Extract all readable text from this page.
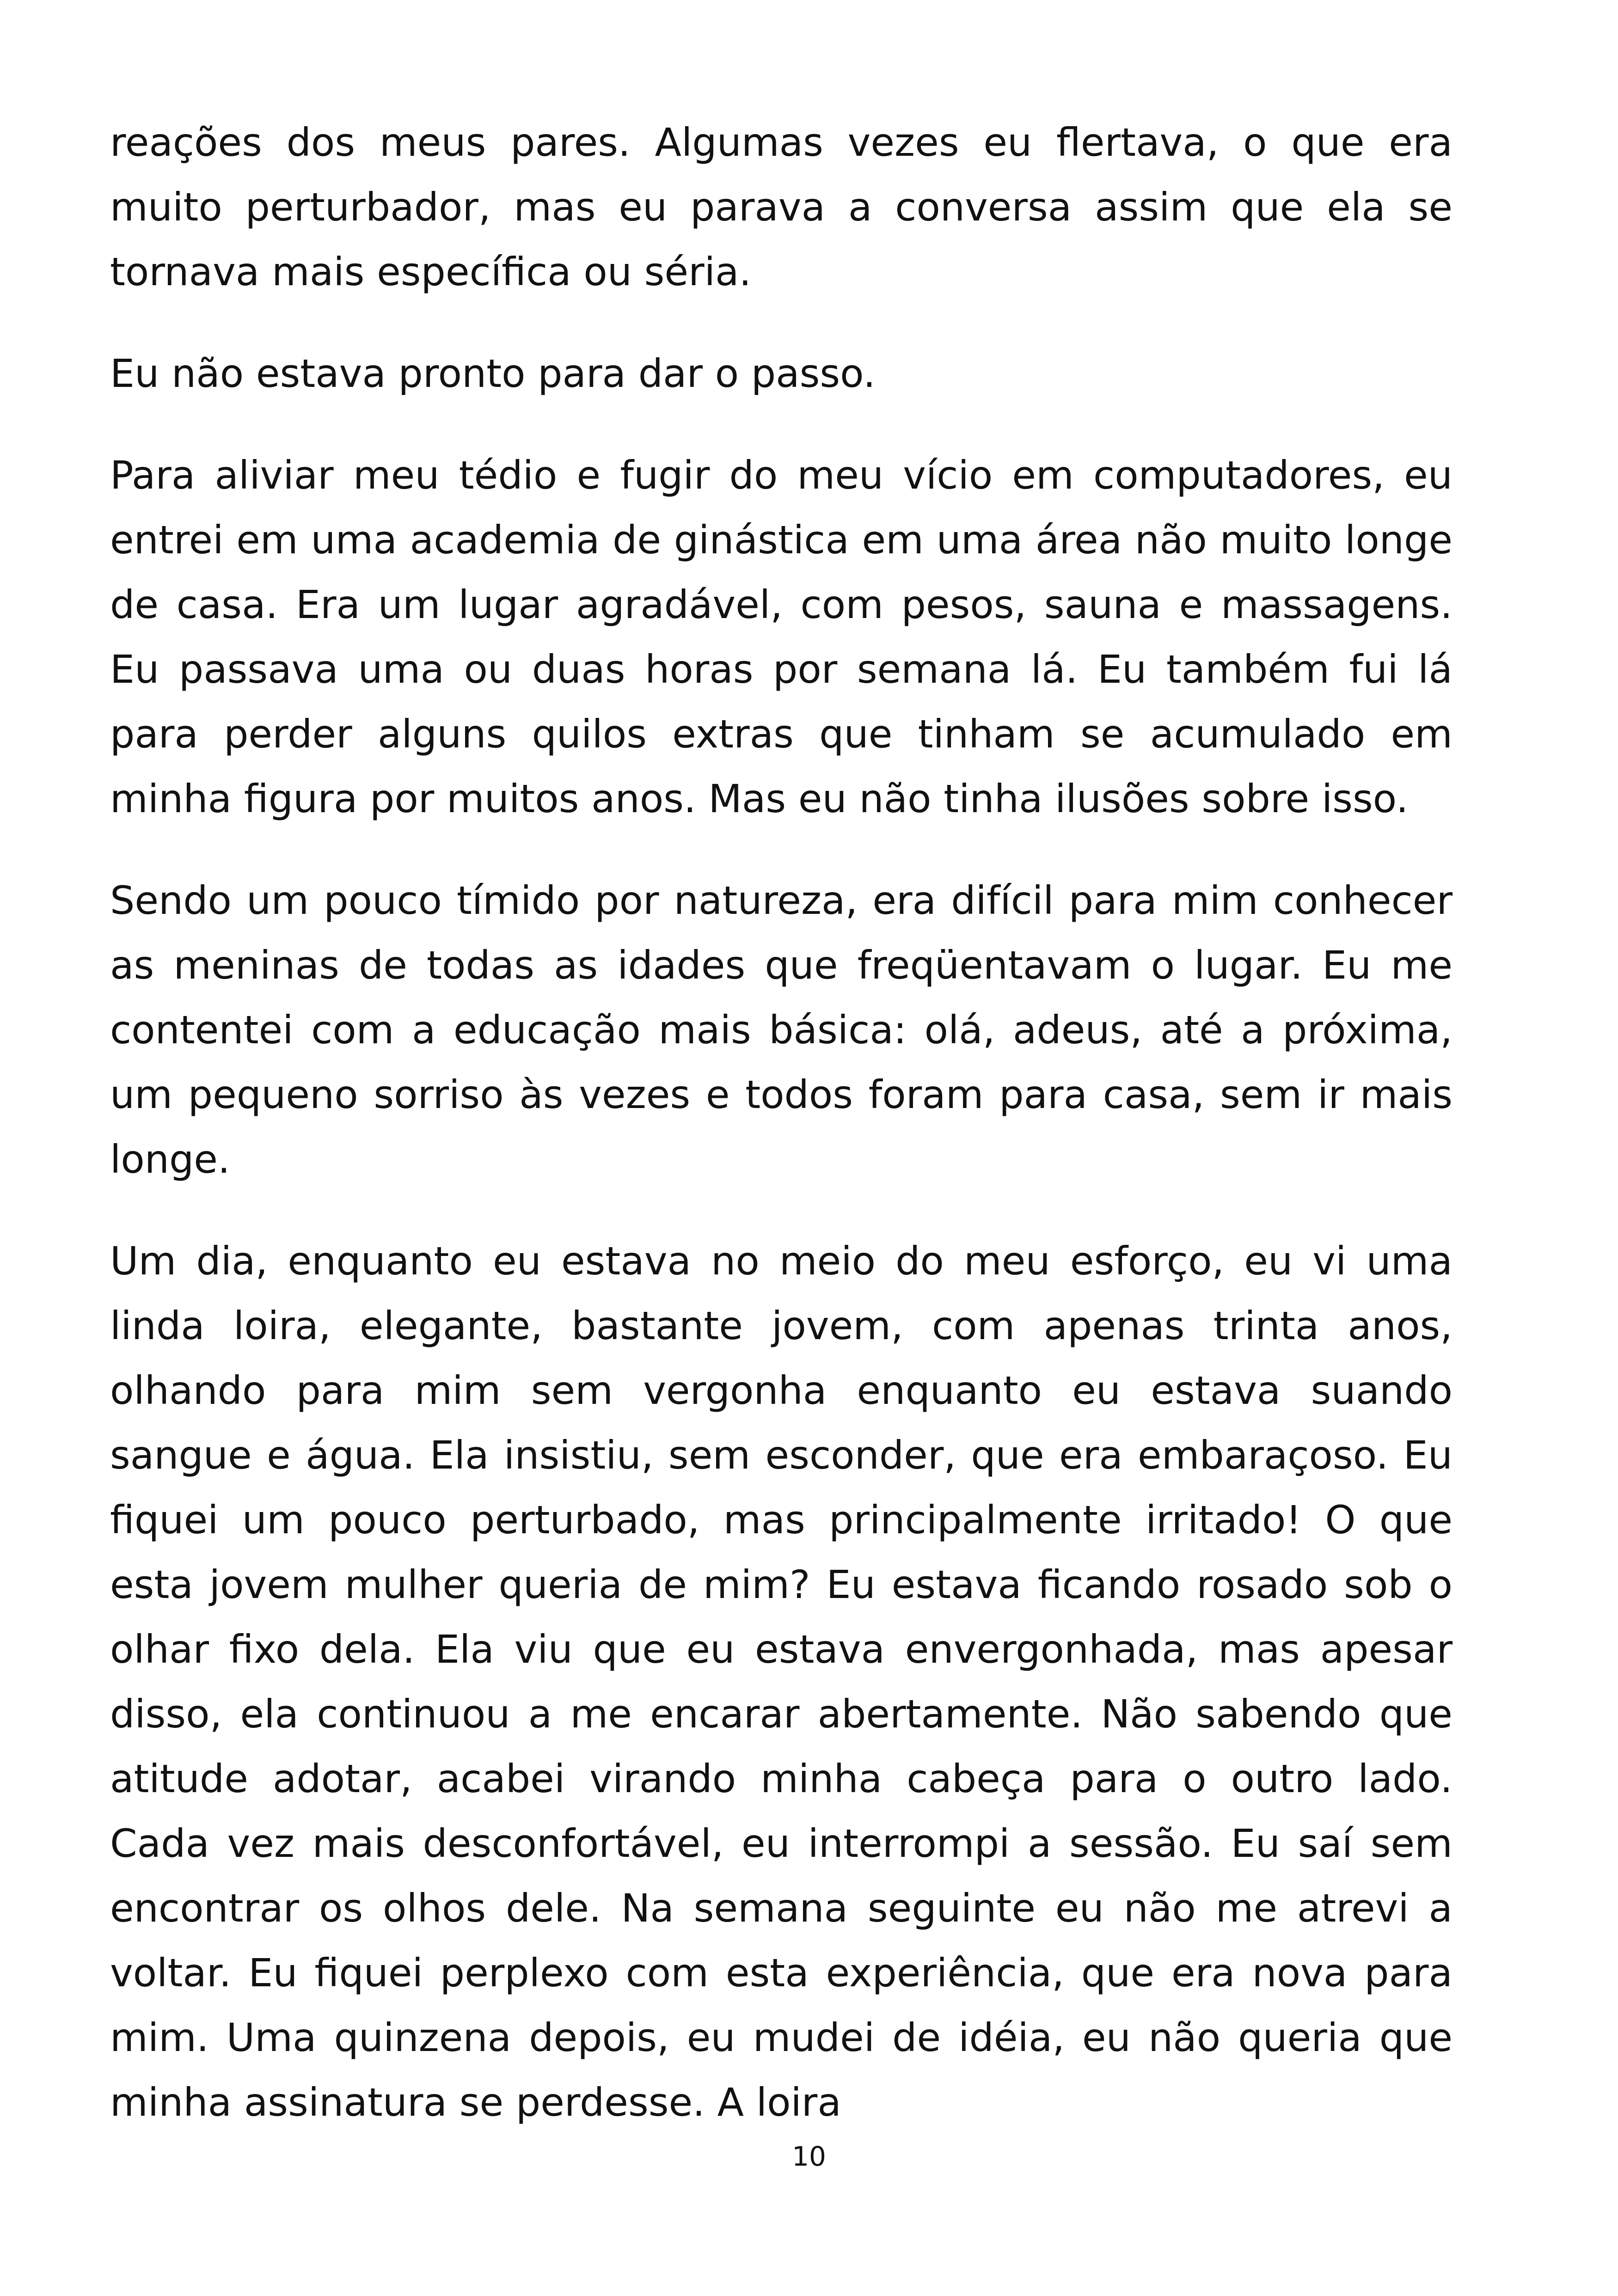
reações dos meus pares. Algumas vezes eu flertava, o que era muito perturbador, mas eu parava a conversa assim que ela se tornava mais específica ou séria.

Eu não estava pronto para dar o passo.

Para aliviar meu tédio e fugir do meu vício em computadores, eu entrei em uma academia de ginástica em uma área não muito longe de casa. Era um lugar agradável, com pesos, sauna e massagens. Eu passava uma ou duas horas por semana lá. Eu também fui lá para perder alguns quilos extras que tinham se acumulado em minha figura por muitos anos. Mas eu não tinha ilusões sobre isso.

Sendo um pouco tímido por natureza, era difícil para mim conhecer as meninas de todas as idades que freqüentavam o lugar. Eu me contentei com a educação mais básica: olá, adeus, até a próxima, um pequeno sorriso às vezes e todos foram para casa, sem ir mais longe.

Um dia, enquanto eu estava no meio do meu esforço, eu vi uma linda loira, elegante, bastante jovem, com apenas trinta anos, olhando para mim sem vergonha enquanto eu estava suando sangue e água. Ela insistiu, sem esconder, que era embaraçoso. Eu fiquei um pouco perturbado, mas principalmente irritado! O que esta jovem mulher queria de mim? Eu estava ficando rosado sob o olhar fixo dela. Ela viu que eu estava envergonhada, mas apesar disso, ela continuou a me encarar abertamente. Não sabendo que atitude adotar, acabei virando minha cabeça para o outro lado. Cada vez mais desconfortável, eu interrompi a sessão. Eu saí sem encontrar os olhos dele. Na semana seguinte eu não me atrevi a voltar. Eu fiquei perplexo com esta experiência, que era nova para mim. Uma quinzena depois, eu mudei de idéia, eu não queria que minha assinatura se perdesse. A loira

10
